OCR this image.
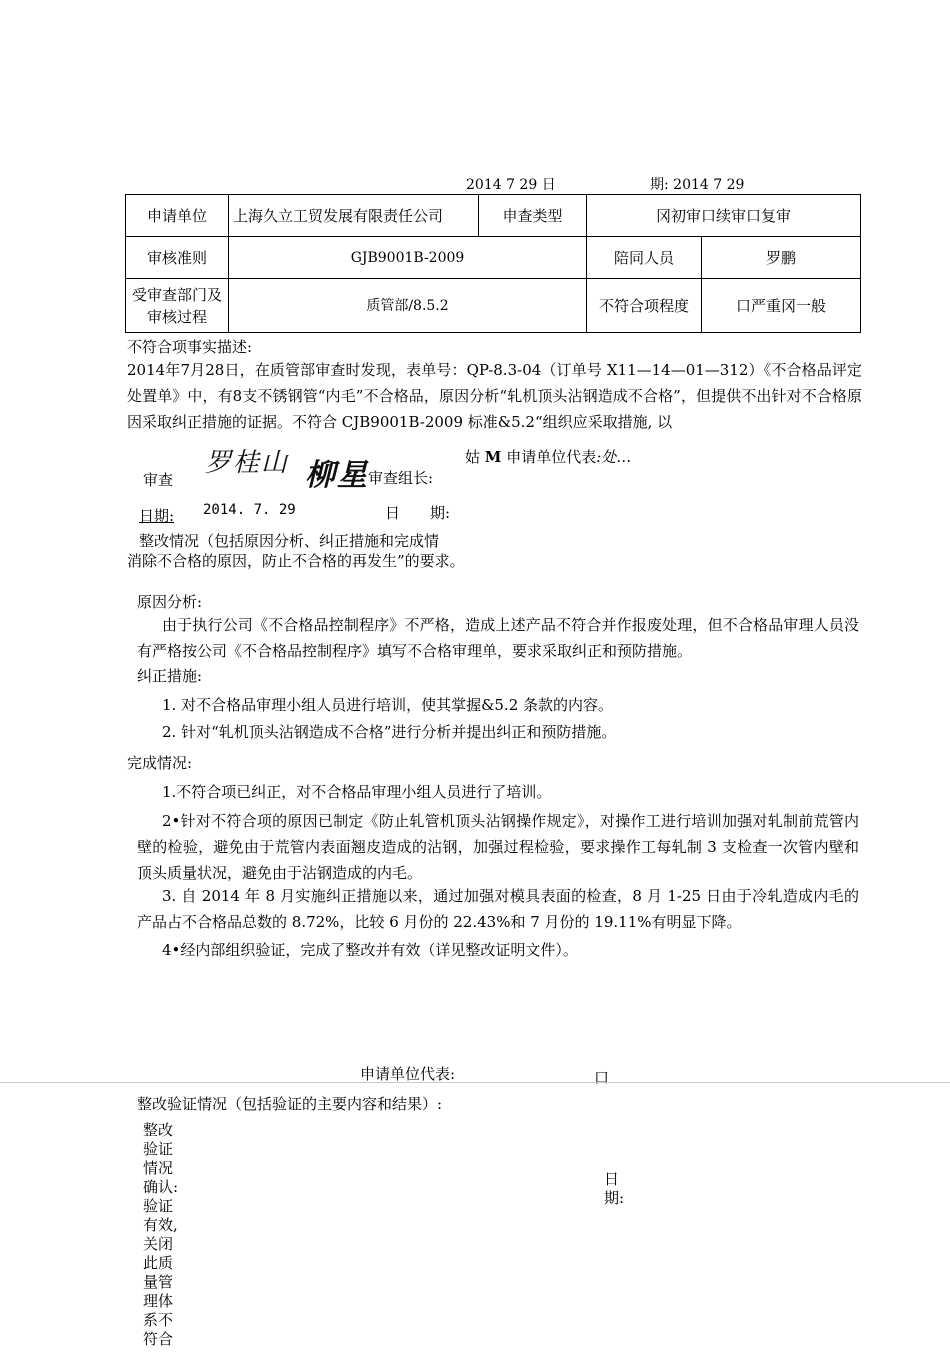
2014 7 29 日	期: 2014 7 29
申请单位	上海久立工贸发展有限责任公司	申查类型	冈初审口续审口复审	
审核准则	GJB9001B-2009		陪同人员	罗鹏
受审查部门及审核过程	质管部/8.5.2		不符合项程度	口严重冈一般
不符合项事实描述:
2014年7月28日，在质管部审查时发现，表单号：QP-8.3-04（订单号 X11—14—01—312）《不合格品评定处置单》中，有8支不锈钢管“内毛”不合格品，原因分析“轧机顶头沾钢造成不合格”，但提供不出针对不合格原因采取纠正措施的证据。不符合 CJB9001B-2009 标准&5.2“组织应采取措施, 以
审查
罗桂山 柳星 审查组长:
姑 M 申请单位代表:处…
日期: 2014. 7. 29	日　　期:
整改情况（包括原因分析、纠正措施和完成情
消除不合格的原因，防止不合格的再发生”的要求。
原因分析:
由于执行公司《不合格品控制程序》不严格，造成上述产品不符合并作报废处理，但不合格品审理人员没有严格按公司《不合格品控制程序》填写不合格审理单，要求采取纠正和预防措施。
纠正措施:
1. 对不合格品审理小组人员进行培训，使其掌握&5.2 条款的内容。
2. 针对“轧机顶头沾钢造成不合格”进行分析并提出纠正和预防措施。
完成情况:
1.不符合项已纠正，对不合格品审理小组人员进行了培训。
2•针对不符合项的原因已制定《防止轧管机顶头沾钢操作规定》，对操作工进行培训加强对轧制前荒管内壁的检验，避免由于荒管内表面翘皮造成的沾钢，加强过程检验，要求操作工每轧制 3 支检查一次管内壁和顶头质量状况，避免由于沾钢造成的内毛。
3. 自 2014 年 8 月实施纠正措施以来，通过加强对模具表面的检查，8 月 1-25 日由于冷轧造成内毛的产品占不合格品总数的 8.72%，比较 6 月份的 22.43%和 7 月份的 19.11%有明显下降。
4•经内部组织验证，完成了整改并有效（详见整改证明文件）。
申请单位代表:	口
整改验证情况（包括验证的主要内容和结果）:
整改验证情况确认:验证有效,关闭此质量管理体系不符合
日期:
